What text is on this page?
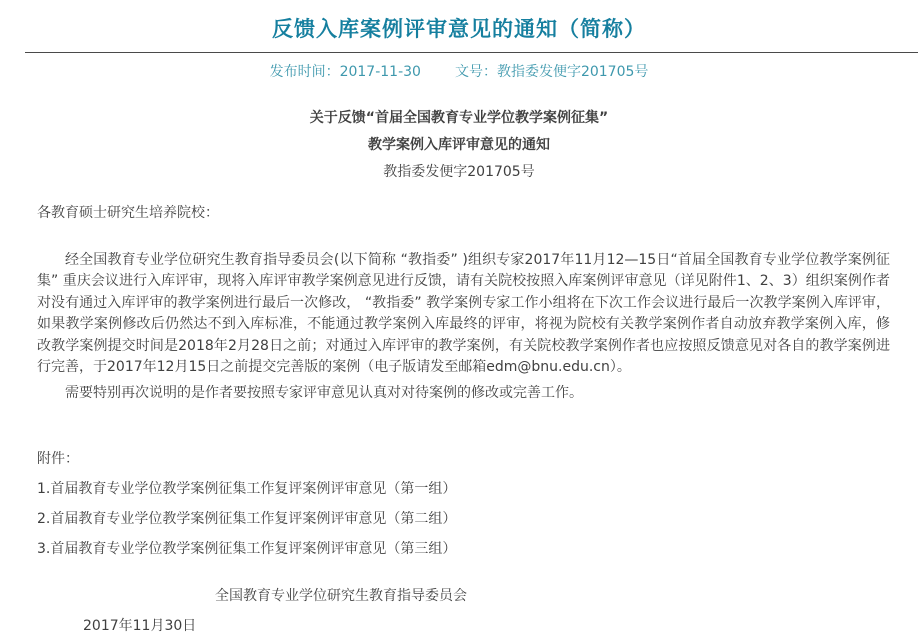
反馈入库案例评审意见的通知（简称）
发布时间：2017-11-30 文号：教指委发便字201705号
关于反馈“首届全国教育专业学位教学案例征集”
教学案例入库评审意见的通知
教指委发便字201705号
各教育硕士研究生培养院校：

经全国教育专业学位研究生教育指导委员会(以下简称 “教指委” )组织专家2017年11月12—15日“首届全国教育专业学位教学案例征集” 重庆会议进行入库评审，现将入库评审教学案例意见进行反馈，请有关院校按照入库案例评审意见（详见附件1、2、3）组织案例作者对没有通过入库评审的教学案例进行最后一次修改， “教指委” 教学案例专家工作小组将在下次工作会议进行最后一次教学案例入库评审，如果教学案例修改后仍然达不到入库标准，不能通过教学案例入库最终的评审，将视为院校有关教学案例作者自动放弃教学案例入库，修改教学案例提交时间是2018年2月28日之前；对通过入库评审的教学案例，有关院校教学案例作者也应按照反馈意见对各自的教学案例进行完善，于2017年12月15日之前提交完善版的案例（电子版请发至邮箱edm@bnu.edu.cn）。

需要特别再次说明的是作者要按照专家评审意见认真对对待案例的修改或完善工作。

附件：
1.首届教育专业学位教学案例征集工作复评案例评审意见（第一组）
2.首届教育专业学位教学案例征集工作复评案例评审意见（第二组）
3.首届教育专业学位教学案例征集工作复评案例评审意见（第三组）
全国教育专业学位研究生教育指导委员会
2017年11月30日
